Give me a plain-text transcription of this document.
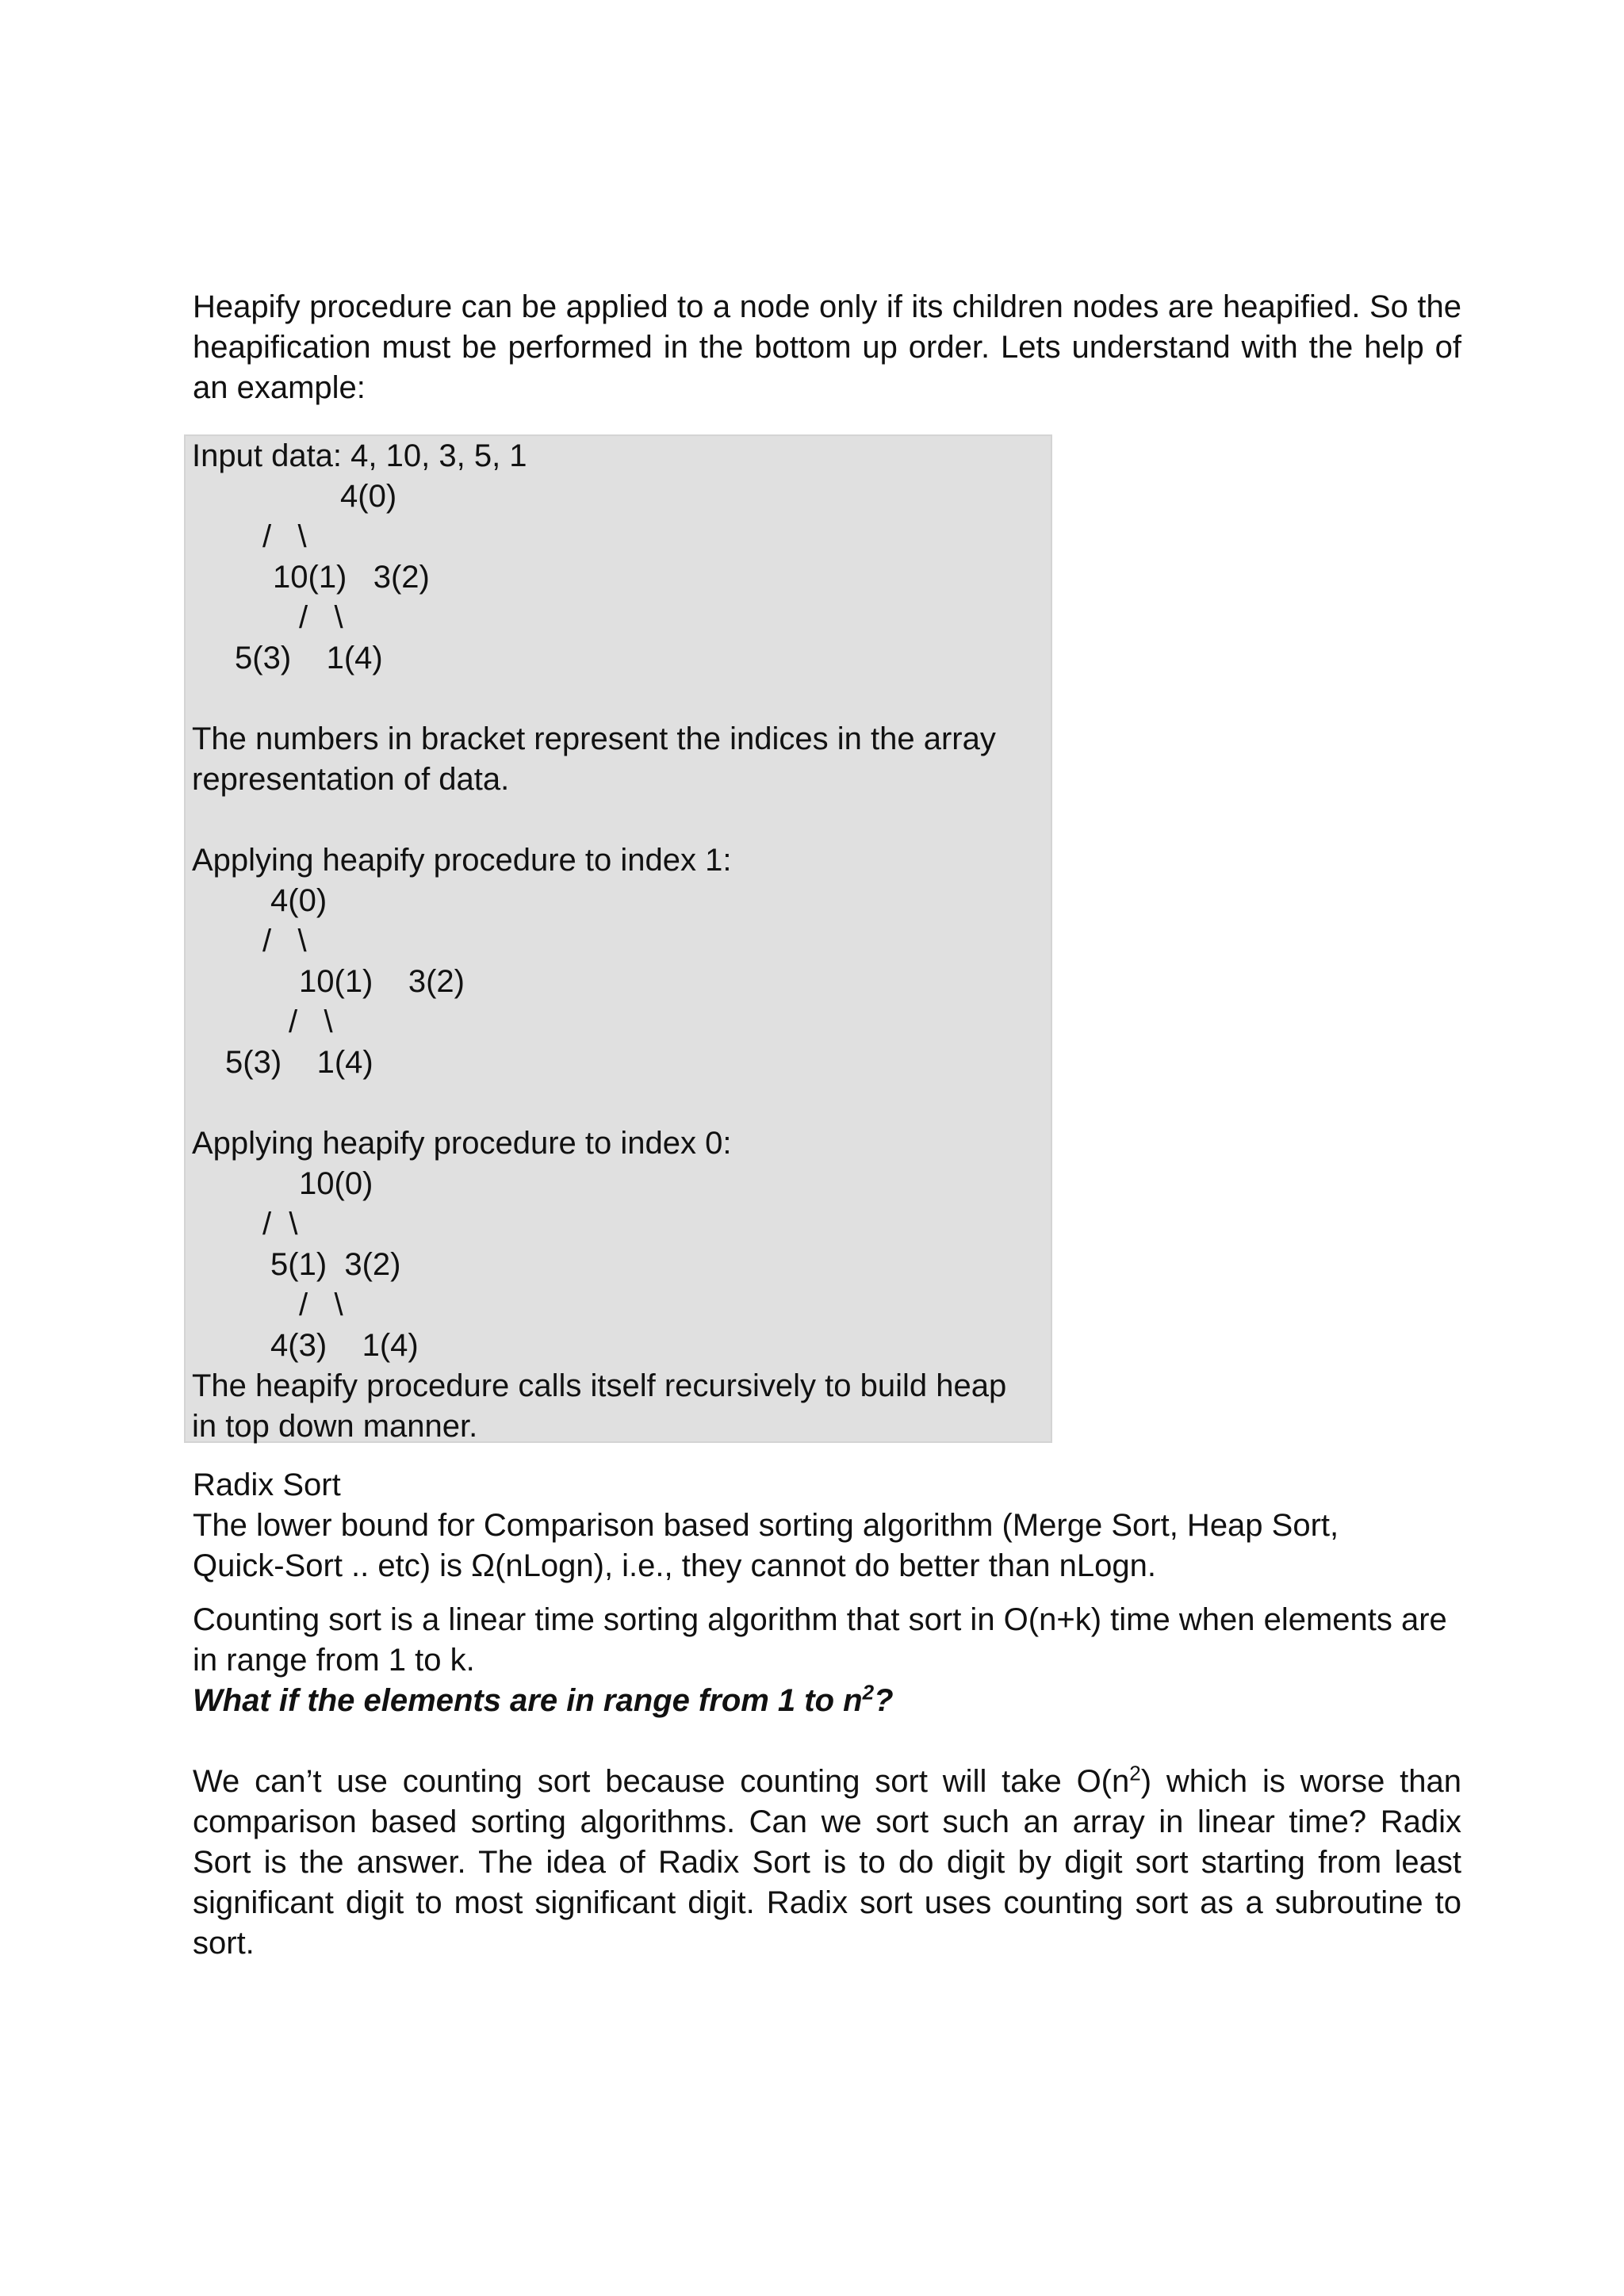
Heapify procedure can be applied to a node only if its children nodes are heapified. So the heapification must be performed in the bottom up order. Lets understand with the help of an example:

Input data: 4, 10, 3, 5, 1
4(0)
/   \
10(1)   3(2)
/   \
5(3)    1(4)
The numbers in bracket represent the indices in the array representation of data.
Applying heapify procedure to index 1:
4(0)
/   \
10(1)    3(2)
/   \
5(3)    1(4)
Applying heapify procedure to index 0:
10(0)
/  \
5(1)  3(2)
/   \
4(3)    1(4)
The heapify procedure calls itself recursively to build heap in top down manner.
Radix Sort

The lower bound for Comparison based sorting algorithm (Merge Sort, Heap Sort, Quick-Sort .. etc) is Ω(nLogn), i.e., they cannot do better than nLogn.

Counting sort is a linear time sorting algorithm that sort in O(n+k) time when elements are in range from 1 to k.

What if the elements are in range from 1 to $n^2$?

We can’t use counting sort because counting sort will take $O(n^2)$ which is worse than comparison based sorting algorithms. Can we sort such an array in linear time? Radix Sort is the answer. The idea of Radix Sort is to do digit by digit sort starting from least significant digit to most significant digit. Radix sort uses counting sort as a subroutine to sort.
